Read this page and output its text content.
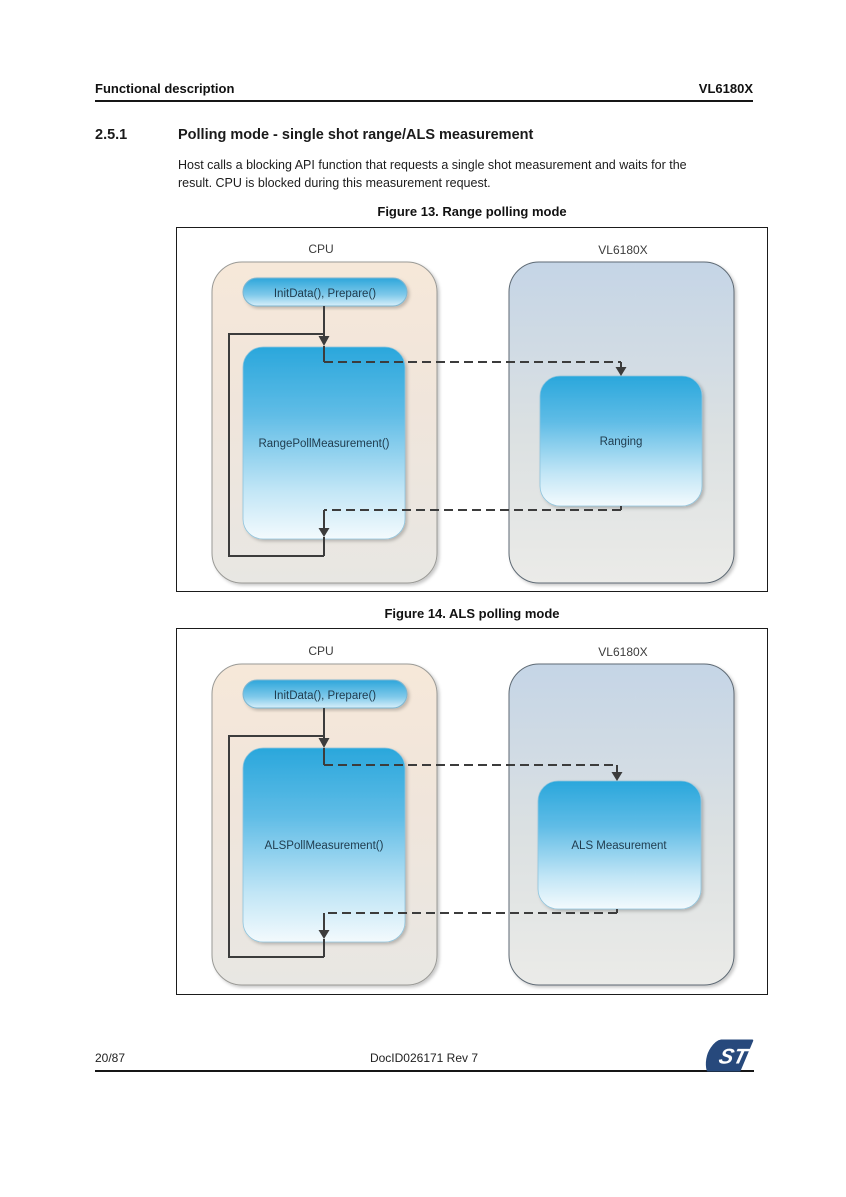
Functional description	VL6180X
2.5.1	Polling mode - single shot range/ALS measurement
Host calls a blocking API function that requests a single shot measurement and waits for the
result. CPU is blocked during this measurement request.
Figure 13. Range polling mode
CPU	VL6180X
InitData(), Prepare()
RangePollMeasurement()	Ranging
Figure 14. ALS polling mode
CPU	VL6180X
InitData(), Prepare()
ALSPollMeasurement()	ALS Measurement
20/87	DocID026171 Rev 7	ST
